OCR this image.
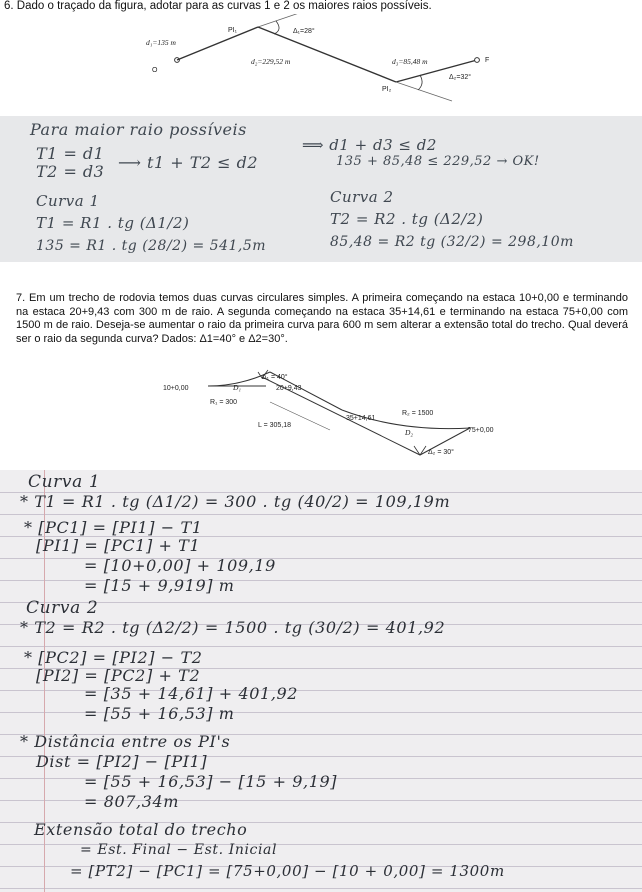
6. Dado o traçado da figura, adotar para as curvas 1 e 2 os maiores raios possíveis.
PI₁	Δ₁=28°
d₁=135 m
O
d₂=229,52 m	d₃=85,48 m	F
Δ₂=32°
PI₂
Para maior raio possíveis
T1 = d1	⟹ d1 + d3 ≤ d2
T2 = d3 ⟶ t1 + T2 ≤ d2	135 + 85,48 ≤ 229,52 → OK!
Curva 1	Curva 2
T1 = R1 . tg (Δ1/2)	T2 = R2 . tg (Δ2/2)
135 = R1 . tg (28/2) = 541,5m	85,48 = R2 tg (32/2) = 298,10m
7. Em um trecho de rodovia temos duas curvas circulares simples. A primeira começando na estaca 10+0,00 e terminando na estaca 20+9,43 com 300 m de raio. A segunda começando na estaca 35+14,61 e terminando na estaca 75+0,00 com 1500 m de raio. Deseja-se aumentar o raio da primeira curva para 600 m sem alterar a extensão total do trecho. Qual deverá ser o raio da segunda curva? Dados: Δ1=40° e Δ2=30°.
Δ₁ = 40°
10+0,00	D₁	20+9,43
R₁ = 300
35+14,61
R₂ = 1500
L = 305,18
D₂	75+0,00
Δ₂ = 30°
Curva 1
* T1 = R1 . tg (Δ1/2) = 300 . tg (40/2) = 109,19m
* [PC1] = [PI1] − T1
[PI1] = [PC1] + T1
= [10+0,00] + 109,19
= [15 + 9,919] m
Curva 2
* T2 = R2 . tg (Δ2/2) = 1500 . tg (30/2) = 401,92
* [PC2] = [PI2] − T2
[PI2] = [PC2] + T2
= [35 + 14,61] + 401,92
= [55 + 16,53] m
* Distância entre os PI's
Dist = [PI2] − [PI1]
= [55 + 16,53] − [15 + 9,19]
= 807,34m
Extensão total do trecho
= Est. Final − Est. Inicial
= [PT2] − [PC1] = [75+0,00] − [10 + 0,00] = 1300m
